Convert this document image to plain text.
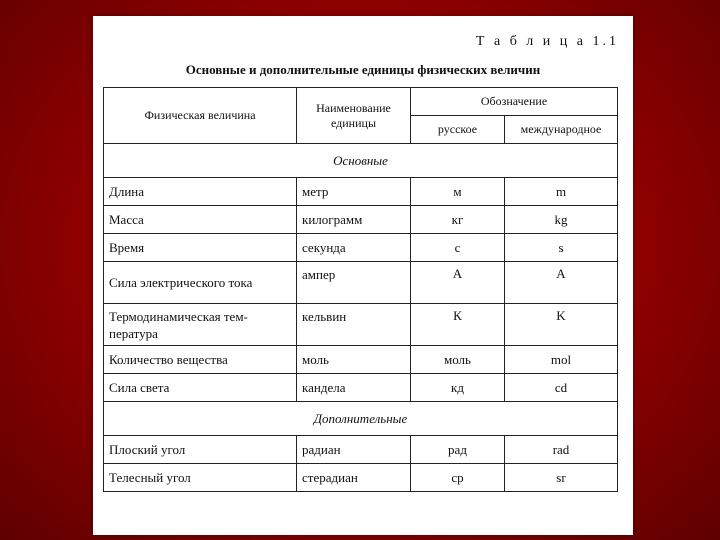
Т а б л и ц а 1.1
Основные и дополнительные единицы физических величин
Физическая величина	Наименование единицы	Обозначение	
		русское	международное
Основные			
Длина	метр	м	m
Масса	килограмм	кг	kg
Время	секунда	с	s
Сила электрического тока	ампер	А	A
Термодинамическая тем-пература	кельвин	К	K
Количество вещества	моль	моль	mol
Сила света	кандела	кд	cd
Дополнительные			
Плоский угол	радиан	рад	rad
Телесный угол	стерадиан	ср	sr
